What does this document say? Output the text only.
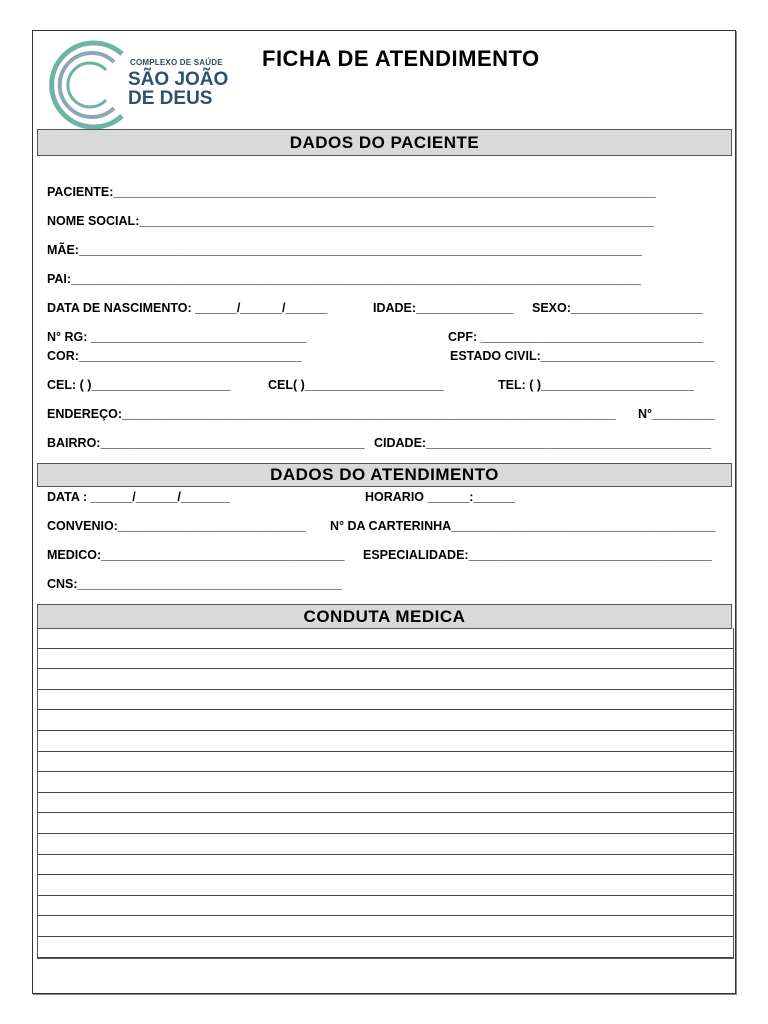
COMPLEXO DE SAÚDE
SÃO JOÃO
DE DEUS
FICHA DE ATENDIMENTO
DADOS DO PACIENTE
PACIENTE:______________________________________________________________________________
NOME SOCIAL:__________________________________________________________________________
MÃE:_________________________________________________________________________________
PAI:__________________________________________________________________________________
DATA DE NASCIMENTO: ______/______/______	IDADE:______________ SEXO:___________________
N° RG: _______________________________	CPF: ________________________________
COR:________________________________	ESTADO CIVIL:_________________________
CEL: ( )____________________	CEL( )____________________	TEL: ( )______________________
ENDEREÇO:_______________________________________________________________________ N°_________
BAIRRO:______________________________________ CIDADE:_________________________________________
DADOS DO ATENDIMENTO
DATA : ______/______/_______	HORARIO ______:______
CONVENIO:___________________________ N° DA CARTERINHA______________________________________
MEDICO:___________________________________ ESPECIALIDADE:___________________________________
CNS:______________________________________
CONDUTA MEDICA
